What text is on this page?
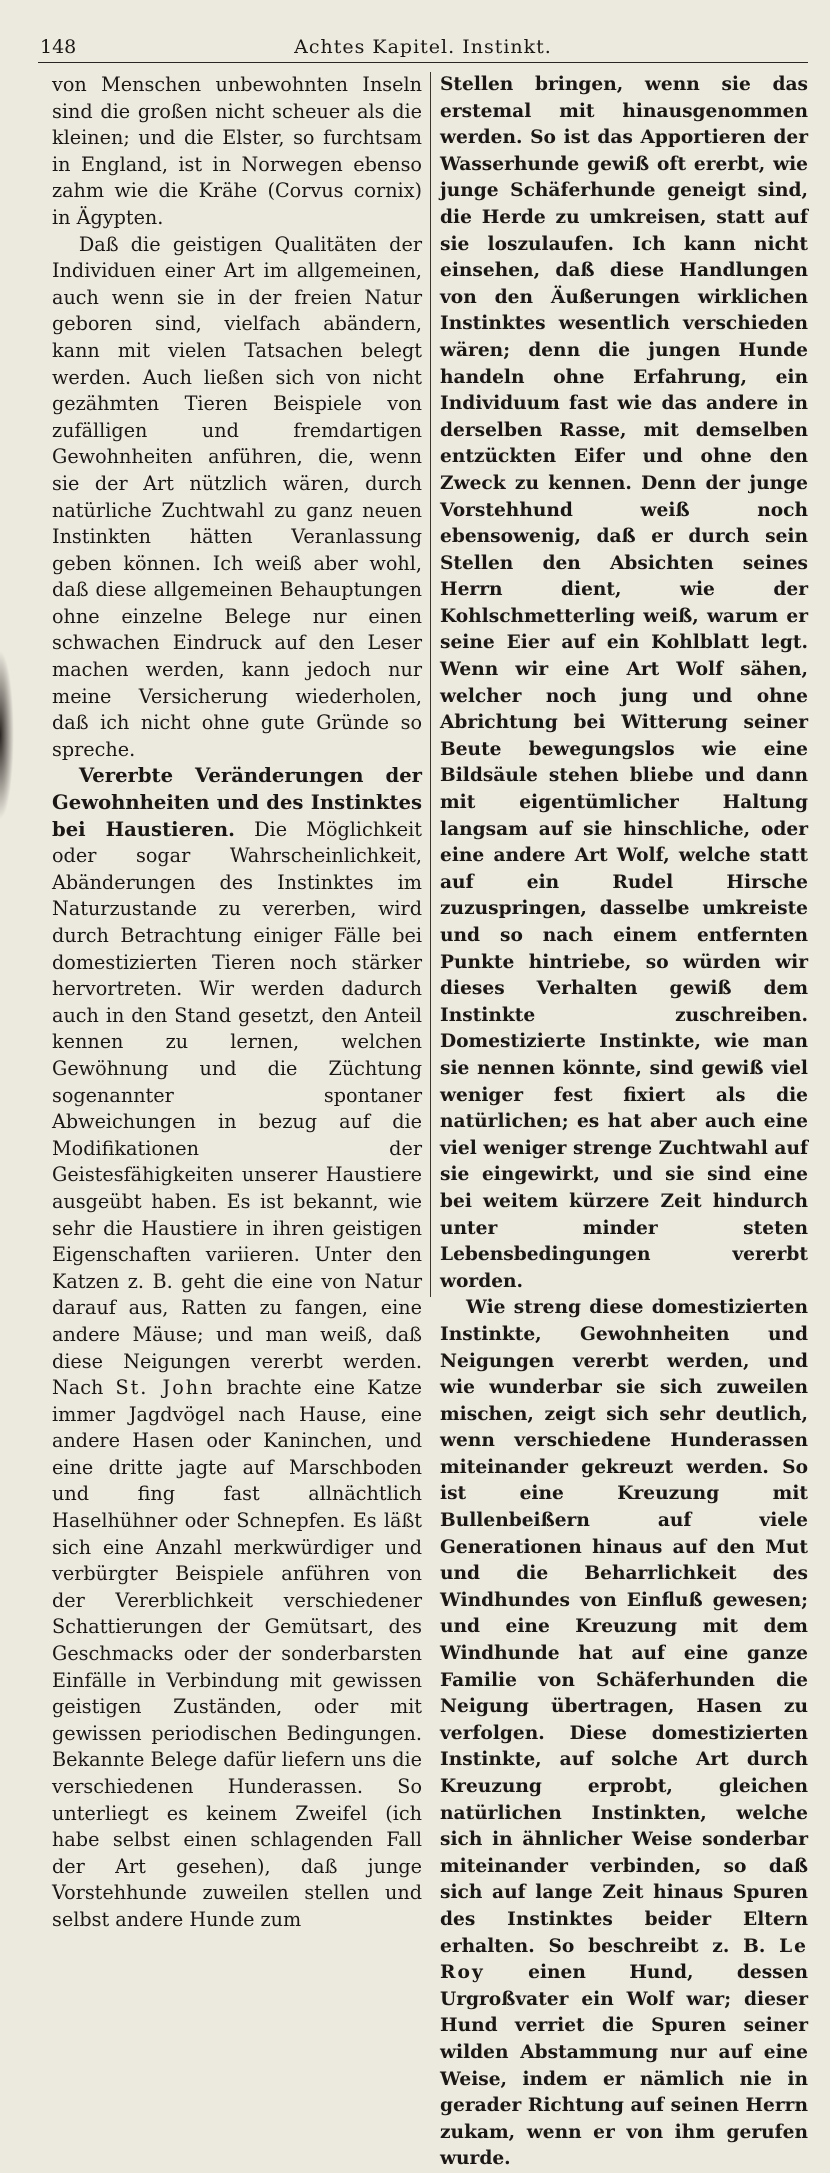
148	Achtes Kapitel. Instinkt.

von Menschen unbewohnten Inseln sind die großen nicht scheuer als die kleinen; und die Elster, so furchtsam in England, ist in Norwegen ebenso zahm wie die Krähe (Corvus cornix) in Ägypten.

Daß die geistigen Qualitäten der Individuen einer Art im allgemeinen, auch wenn sie in der freien Natur geboren sind, vielfach abändern, kann mit vielen Tatsachen belegt werden. Auch ließen sich von nicht gezähmten Tieren Beispiele von zufälligen und fremdartigen Gewohnheiten anführen, die, wenn sie der Art nützlich wären, durch natürliche Zuchtwahl zu ganz neuen Instinkten hätten Veranlassung geben können. Ich weiß aber wohl, daß diese allgemeinen Behauptungen ohne einzelne Belege nur einen schwachen Eindruck auf den Leser machen werden, kann jedoch nur meine Versicherung wiederholen, daß ich nicht ohne gute Gründe so spreche.

Vererbte Veränderungen der Gewohnheiten und des Instinktes bei Haustieren. Die Möglichkeit oder sogar Wahrscheinlichkeit, Abänderungen des Instinktes im Naturzustande zu vererben, wird durch Betrachtung einiger Fälle bei domestizierten Tieren noch stärker hervortreten. Wir werden dadurch auch in den Stand gesetzt, den Anteil kennen zu lernen, welchen Gewöhnung und die Züchtung sogenannter spontaner Abweichungen in bezug auf die Modifikationen der Geistesfähigkeiten unserer Haustiere ausgeübt haben. Es ist bekannt, wie sehr die Haustiere in ihren geistigen Eigenschaften variieren. Unter den Katzen z. B. geht die eine von Natur darauf aus, Ratten zu fangen, eine andere Mäuse; und man weiß, daß diese Neigungen vererbt werden. Nach St. John brachte eine Katze immer Jagdvögel nach Hause, eine andere Hasen oder Kaninchen, und eine dritte jagte auf Marschboden und fing fast allnächtlich Haselhühner oder Schnepfen. Es läßt sich eine Anzahl merkwürdiger und verbürgter Beispiele anführen von der Vererblichkeit verschiedener Schattierungen der Gemütsart, des Geschmacks oder der sonderbarsten Einfälle in Verbindung mit gewissen geistigen Zuständen, oder mit gewissen periodischen Bedingungen. Bekannte Belege dafür liefern uns die verschiedenen Hunderassen. So unterliegt es keinem Zweifel (ich habe selbst einen schlagenden Fall der Art gesehen), daß junge Vorstehhunde zuweilen stellen und selbst andere Hunde zum

Stellen bringen, wenn sie das erstemal mit hinausgenommen werden. So ist das Apportieren der Wasserhunde gewiß oft ererbt, wie junge Schäferhunde geneigt sind, die Herde zu umkreisen, statt auf sie loszulaufen. Ich kann nicht einsehen, daß diese Handlungen von den Äußerungen wirklichen Instinktes wesentlich verschieden wären; denn die jungen Hunde handeln ohne Erfahrung, ein Individuum fast wie das andere in derselben Rasse, mit demselben entzückten Eifer und ohne den Zweck zu kennen. Denn der junge Vorstehhund weiß noch ebensowenig, daß er durch sein Stellen den Absichten seines Herrn dient, wie der Kohlschmetterling weiß, warum er seine Eier auf ein Kohlblatt legt. Wenn wir eine Art Wolf sähen, welcher noch jung und ohne Abrichtung bei Witterung seiner Beute bewegungslos wie eine Bildsäule stehen bliebe und dann mit eigentümlicher Haltung langsam auf sie hinschliche, oder eine andere Art Wolf, welche statt auf ein Rudel Hirsche zuzuspringen, dasselbe umkreiste und so nach einem entfernten Punkte hintriebe, so würden wir dieses Verhalten gewiß dem Instinkte zuschreiben. Domestizierte Instinkte, wie man sie nennen könnte, sind gewiß viel weniger fest fixiert als die natürlichen; es hat aber auch eine viel weniger strenge Zuchtwahl auf sie eingewirkt, und sie sind eine bei weitem kürzere Zeit hindurch unter minder steten Lebensbedingungen vererbt worden.

Wie streng diese domestizierten Instinkte, Gewohnheiten und Neigungen vererbt werden, und wie wunderbar sie sich zuweilen mischen, zeigt sich sehr deutlich, wenn verschiedene Hunderassen miteinander gekreuzt werden. So ist eine Kreuzung mit Bullenbeißern auf viele Generationen hinaus auf den Mut und die Beharrlichkeit des Windhundes von Einfluß gewesen; und eine Kreuzung mit dem Windhunde hat auf eine ganze Familie von Schäferhunden die Neigung übertragen, Hasen zu verfolgen. Diese domestizierten Instinkte, auf solche Art durch Kreuzung erprobt, gleichen natürlichen Instinkten, welche sich in ähnlicher Weise sonderbar miteinander verbinden, so daß sich auf lange Zeit hinaus Spuren des Instinktes beider Eltern erhalten. So beschreibt z. B. Le Roy einen Hund, dessen Urgroßvater ein Wolf war; dieser Hund verriet die Spuren seiner wilden Abstammung nur auf eine Weise, indem er nämlich nie in gerader Richtung auf seinen Herrn zukam, wenn er von ihm gerufen wurde.
